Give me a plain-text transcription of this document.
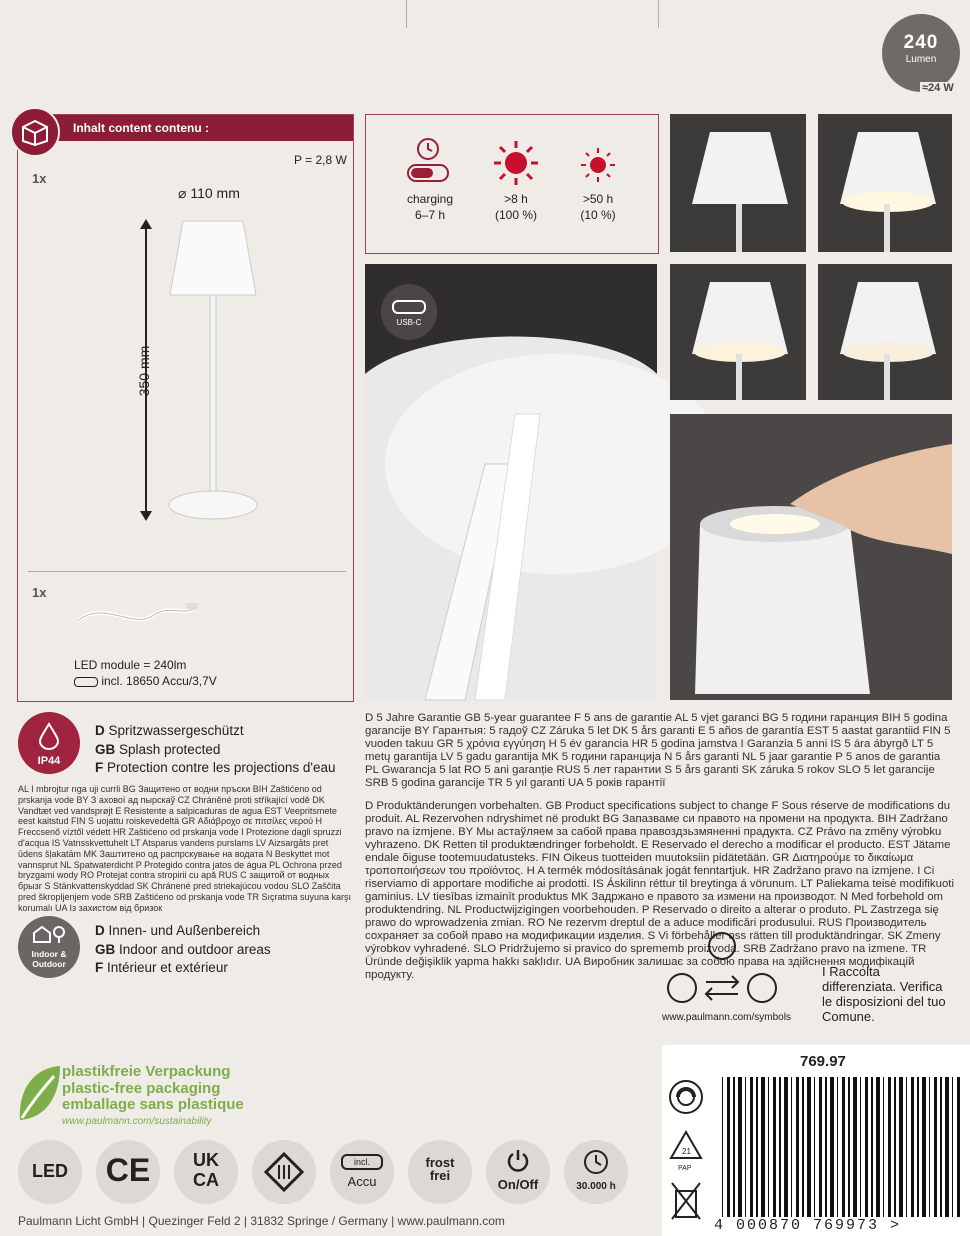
240
Lumen
≈24 W
Inhalt content contenu :
1x
P = 2,8 W
⌀ 110 mm
350 mm
1x
LED module = 240lm
incl. 18650 Accu/3,7V
charging
6–7 h
>8 h
(100 %)
>50 h
(10 %)
USB-C
IP44
D Spritzwassergeschützt
GB Splash protected
F Protection contre les projections d'eau
AL I mbrojtur nga uji currli BG Защитено от водни пръски BIH Zaštićeno od prskanja vode BY З ахової ад пырскаў CZ Chráněné proti stříkající vodě DK Vandtæt ved vandsprøjt E Resistente a salpicaduras de agua EST Veepritsmete eest kaitstud FIN S uojattu roiskevedeltä GR Αδιάβροχο σε πιτσίλες νερού H Freccsenő víztől védett HR Zaštićeno od prskanja vode I Protezione dagli spruzzi d'acqua IS Vatnsskvettuhelt LT Atsparus vandens purslams LV Aizsargāts pret ūdens šļakatām MK Заштитено од распрскување на водата N Beskyttet mot vannsprut NL Spatwaterdicht P Protegido contra jatos de água PL Ochrona przed bryzgami wody RO Protejat contra stropirii cu apă RUS С защитой от водных брызг S Stänkvattenskyddad SK Chránené pred striekajúcou vodou SLO Zaščita pred škropljenjem vode SRB Zaštićeno od prskanja vode TR Sıçratma suyuna karşı korumalı UA Із захистом від бризок
Indoor &
Outdoor
D Innen- und Außenbereich
GB Indoor and outdoor areas
F Intérieur et extérieur
D 5 Jahre Garantie GB 5-year guarantee F 5 ans de garantie AL 5 vjet garanci BG 5 години гаранция BIH 5 godina garancije BY Гарантыя: 5 гадоў CZ Záruka 5 let DK 5 års garanti E 5 años de garantía EST 5 aastat garantiid FIN 5 vuoden takuu GR 5 χρόνια εγγύηση H 5 év garancia HR 5 godina jamstva I Garanzia 5 anni IS 5 ára ábyrgð LT 5 metų garantija LV 5 gadu garantija MK 5 години гаранција N 5 års garanti NL 5 jaar garantie P 5 anos de garantia PL Gwarancja 5 lat RO 5 ani garanție RUS 5 лет гарантии S 5 års garanti SK záruka 5 rokov SLO 5 let garancije SRB 5 godina garancije TR 5 yıl garanti UA 5 років гарантії
D Produktänderungen vorbehalten. GB Product specifications subject to change F Sous réserve de modifications du produit. AL Rezervohen ndryshimet në produkt BG Запазваме си правото на промени на продукта. BIH Zadržano pravo na izmjene. BY Мы астаўляем за сабой права правоздзьзмяненні прадукта. CZ Právo na změny výrobku vyhrazeno. DK Retten til produktændringer forbeholdt. E Reservado el derecho a modificar el producto. EST Jätame endale õiguse tootemuudatusteks. FIN Oikeus tuotteiden muutoksiin pidätetään. GR Διατηρούμε το δικαίωμα τροποποιήσεων του προϊόντος. H A termék módosításának jogát fenntartjuk. HR Zadržano pravo na izmjene. I Ci riserviamo di apportare modifiche ai prodotti. IS Áskilinn réttur til breytinga á vörunum. LT Paliekama teisė modifikuoti gaminius. LV tiesības izmainīt produktus MK Задржано е правото за измени на производот. N Med forbehold om produktendring. NL Productwijzigingen voorbehouden. P Reservado o direito a alterar o produto. PL Zastrzega się prawo do wprowadzenia zmian. RO Ne rezervm dreptul de a aduce modificări produsului. RUS Производитель сохраняет за собой право на модификации изделия. S Vi förbehåller oss rätten till produktändringar. SK Zmeny výrobkov vyhradené. SLO Pridržujemo si pravico do sprememb proizvoda. SRB Zadržano pravo na izmene. TR Üründe değişiklik yapma hakkı saklıdır. UA Виробник залишає за собою права на здійснення модифікацій продукту.
www.paulmann.com/symbols
I Raccolta differenziata. Verifica le disposizioni del tuo Comune.
plastikfreie Verpackung
plastic-free packaging
emballage sans plastique
www.paulmann.com/sustainability
LED	CE	UK
CA
incl.
Accu
frost
frei
On/Off	30.000 h
Paulmann Licht GmbH | Quezinger Feld 2 | 31832 Springe / Germany | www.paulmann.com
769.97
21
PAP
4 000870 769973 >
